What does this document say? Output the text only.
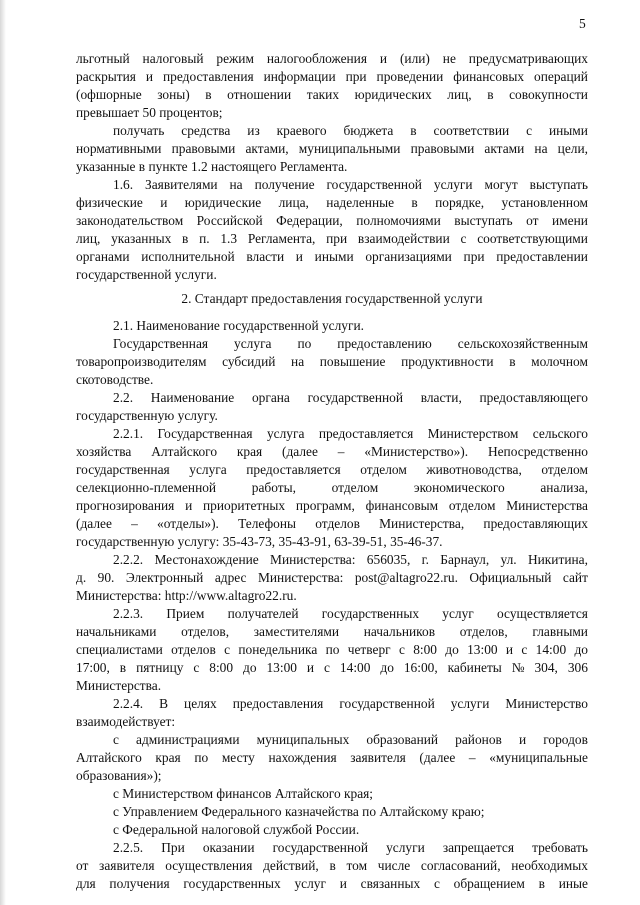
5
льготный налоговый режим налогообложения и (или) не предусматривающих
раскрытия и предоставления информации при проведении финансовых операций
(офшорные зоны) в отношении таких юридических лиц, в совокупности
превышает 50 процентов;
получать средства из краевого бюджета в соответствии с иными
нормативными правовыми актами, муниципальными правовыми актами на цели,
указанные в пункте 1.2 настоящего Регламента.
1.6. Заявителями на получение государственной услуги могут выступать
физические и юридические лица, наделенные в порядке, установленном
законодательством Российской Федерации, полномочиями выступать от имени
лиц, указанных в п. 1.3 Регламента, при взаимодействии с соответствующими
органами исполнительной власти и иными организациями при предоставлении
государственной услуги.
2. Стандарт предоставления государственной услуги
2.1. Наименование государственной услуги.
Государственная услуга по предоставлению сельскохозяйственным
товаропроизводителям субсидий на повышение продуктивности в молочном
скотоводстве.
2.2. Наименование органа государственной власти, предоставляющего
государственную услугу.
2.2.1. Государственная услуга предоставляется Министерством сельского
хозяйства Алтайского края (далее – «Министерство»). Непосредственно
государственная услуга предоставляется отделом животноводства, отделом
селекционно-племенной	работы,	отделом	экономического	анализа,
прогнозирования и приоритетных программ, финансовым отделом Министерства
(далее – «отделы»). Телефоны отделов Министерства, предоставляющих
государственную услугу: 35-43-73, 35-43-91, 63-39-51, 35-46-37.
2.2.2. Местонахождение Министерства: 656035, г. Барнаул, ул. Никитина,
д. 90. Электронный адрес Министерства: post@altagro22.ru. Официальный сайт
Министерства: http://www.altagro22.ru.
2.2.3. Прием получателей государственных услуг осуществляется
начальниками отделов, заместителями начальников отделов, главными
специалистами отделов с понедельника по четверг с 8:00 до 13:00 и с 14:00 до
17:00, в пятницу с 8:00 до 13:00 и с 14:00 до 16:00, кабинеты № 304, 306
Министерства.
2.2.4. В целях предоставления государственной услуги Министерство
взаимодействует:
с администрациями муниципальных образований районов и городов
Алтайского края по месту нахождения заявителя (далее – «муниципальные
образования»);
с Министерством финансов Алтайского края;
с Управлением Федерального казначейства по Алтайскому краю;
с Федеральной налоговой службой России.
2.2.5. При оказании государственной услуги запрещается требовать
от заявителя осуществления действий, в том числе согласований, необходимых
для получения государственных услуг и связанных с обращением в иные
